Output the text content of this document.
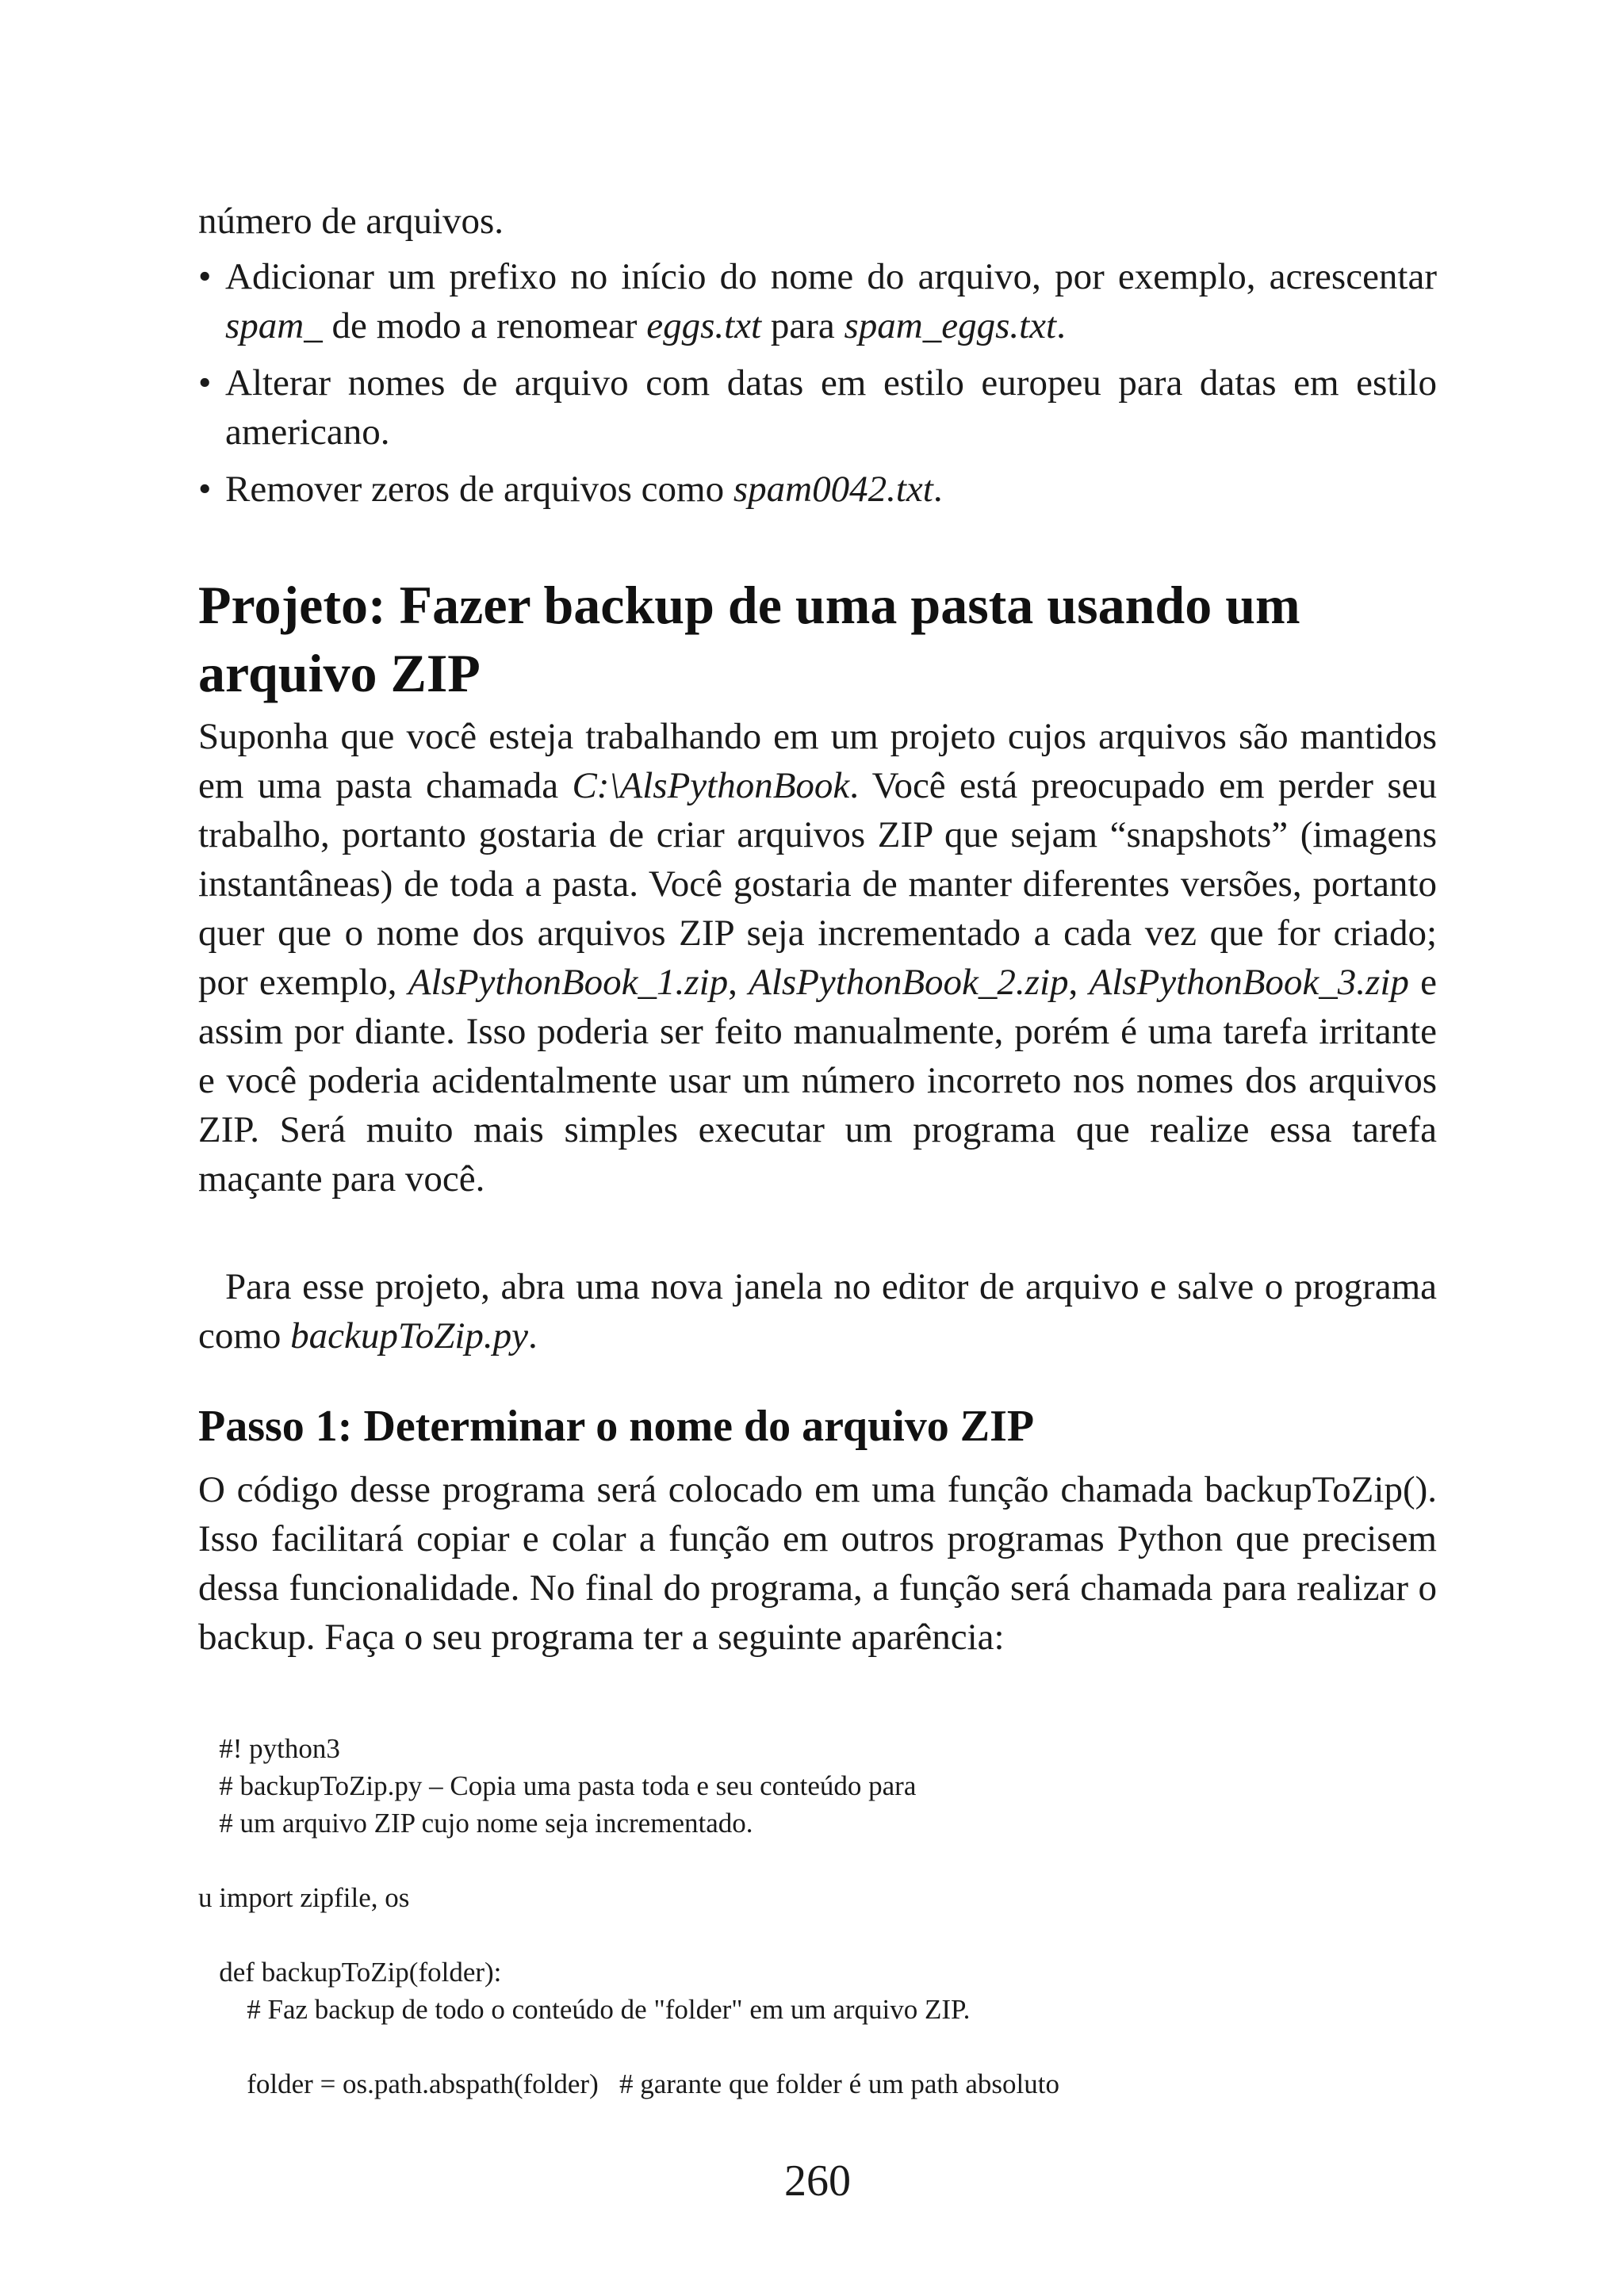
número de arquivos.

• Adicionar um prefixo no início do nome do arquivo, por exemplo, acrescentar spam_ de modo a renomear eggs.txt para spam_eggs.txt.
• Alterar nomes de arquivo com datas em estilo europeu para datas em estilo americano.
• Remover zeros de arquivos como spam0042.txt.
Projeto: Fazer backup de uma pasta usando um arquivo ZIP

Suponha que você esteja trabalhando em um projeto cujos arquivos são mantidos em uma pasta chamada C:\AlsPythonBook. Você está preocupado em perder seu trabalho, portanto gostaria de criar arquivos ZIP que sejam “snapshots” (imagens instantâneas) de toda a pasta. Você gostaria de manter diferentes versões, portanto quer que o nome dos arquivos ZIP seja incrementado a cada vez que for criado; por exemplo, AlsPythonBook_1.zip, AlsPythonBook_2.zip, AlsPythonBook_3.zip e assim por diante. Isso poderia ser feito manualmente, porém é uma tarefa irritante e você poderia acidentalmente usar um número incorreto nos nomes dos arquivos ZIP. Será muito mais simples executar um programa que realize essa tarefa maçante para você.

Para esse projeto, abra uma nova janela no editor de arquivo e salve o programa como backupToZip.py.

Passo 1: Determinar o nome do arquivo ZIP

O código desse programa será colocado em uma função chamada backupToZip(). Isso facilitará copiar e colar a função em outros programas Python que precisem dessa funcionalidade. No final do programa, a função será chamada para realizar o backup. Faça o seu programa ter a seguinte aparência:

#! python3
# backupToZip.py – Copia uma pasta toda e seu conteúdo para
# um arquivo ZIP cujo nome seja incrementado.
u import zipfile, os
def backupToZip(folder):
# Faz backup de todo o conteúdo de "folder" em um arquivo ZIP.
folder = os.path.abspath(folder)   # garante que folder é um path absoluto
260
